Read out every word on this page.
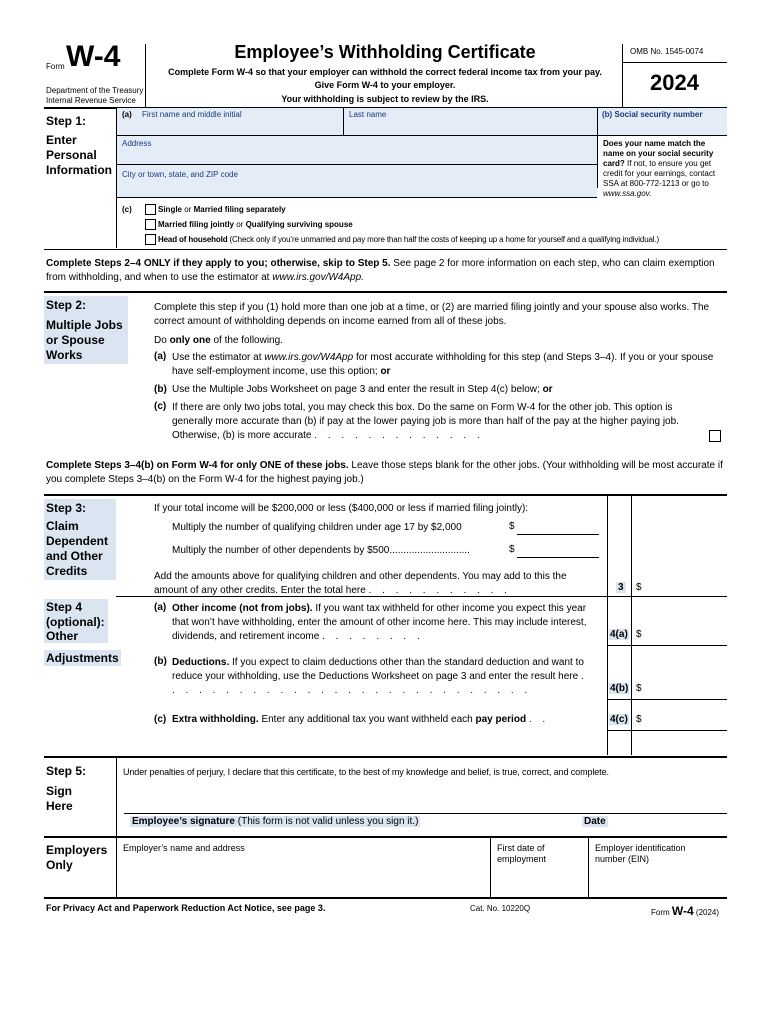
Form W-4
Department of the Treasury
Internal Revenue Service
Employee’s Withholding Certificate
Complete Form W-4 so that your employer can withhold the correct federal income tax from your pay.
Give Form W-4 to your employer.
Your withholding is subject to review by the IRS.
OMB No. 1545-0074
2024
Step 1:
Enter
Personal
Information
(a) First name and middle initial	Last name	(b) Social security number
Address
City or town, state, and ZIP code
Does your name match the name on your social security card? If not, to ensure you get credit for your earnings, contact SSA at 800-772-1213 or go to www.ssa.gov.
(c)	Single or Married filing separately
Married filing jointly or Qualifying surviving spouse
Head of household (Check only if you’re unmarried and pay more than half the costs of keeping up a home for yourself and a qualifying individual.)
Complete Steps 2–4 ONLY if they apply to you; otherwise, skip to Step 5. See page 2 for more information on each step, who can claim exemption from withholding, and when to use the estimator at www.irs.gov/W4App.
Step 2:
Multiple Jobs
or Spouse
Works
Complete this step if you (1) hold more than one job at a time, or (2) are married filing jointly and your spouse also works. The correct amount of withholding depends on income earned from all of these jobs.
Do only one of the following.
(a) Use the estimator at www.irs.gov/W4App for most accurate withholding for this step (and Steps 3–4). If you or your spouse have self-employment income, use this option; or
(b) Use the Multiple Jobs Worksheet on page 3 and enter the result in Step 4(c) below; or
(c) If there are only two jobs total, you may check this box. Do the same on Form W-4 for the other job. This option is generally more accurate than (b) if pay at the lower paying job is more than half of the pay at the higher paying job. Otherwise, (b) is more accurate . . . . . . . . . . . . .
Complete Steps 3–4(b) on Form W-4 for only ONE of these jobs. Leave those steps blank for the other jobs. (Your withholding will be most accurate if you complete Steps 3–4(b) on the Form W-4 for the highest paying job.)
Step 3:
Claim
Dependent
and Other
Credits
If your total income will be $200,000 or less ($400,000 or less if married filing jointly):
Multiply the number of qualifying children under age 17 by $2,000	$
Multiply the number of other dependents by $500.............................	$
Add the amounts above for qualifying children and other dependents. You may add to this the amount of any other credits. Enter the total here . . . . . . . . . . .	3 $
Step 4
(optional):
Other
Adjustments
(a) Other income (not from jobs). If you want tax withheld for other income you expect this year that won’t have withholding, enter the amount of other income here. This may include interest, dividends, and retirement income . . . . . . . .	4(a) $
(b) Deductions. If you expect to claim deductions other than the standard deduction and want to reduce your withholding, use the Deductions Worksheet on page 3 and enter the result here . . . . . . . . . . . . . . . . . . . . . . . . . . . .	4(b) $
(c) Extra withholding. Enter any additional tax you want withheld each pay period . .	4(c) $
Step 5:
Sign
Here
Under penalties of perjury, I declare that this certificate, to the best of my knowledge and belief, is true, correct, and complete.
Employee’s signature (This form is not valid unless you sign it.)	Date
Employers
Only
Employer’s name and address	First date of employment
Employer identification number (EIN)
For Privacy Act and Paperwork Reduction Act Notice, see page 3.	Cat. No. 10220Q	Form W-4 (2024)
